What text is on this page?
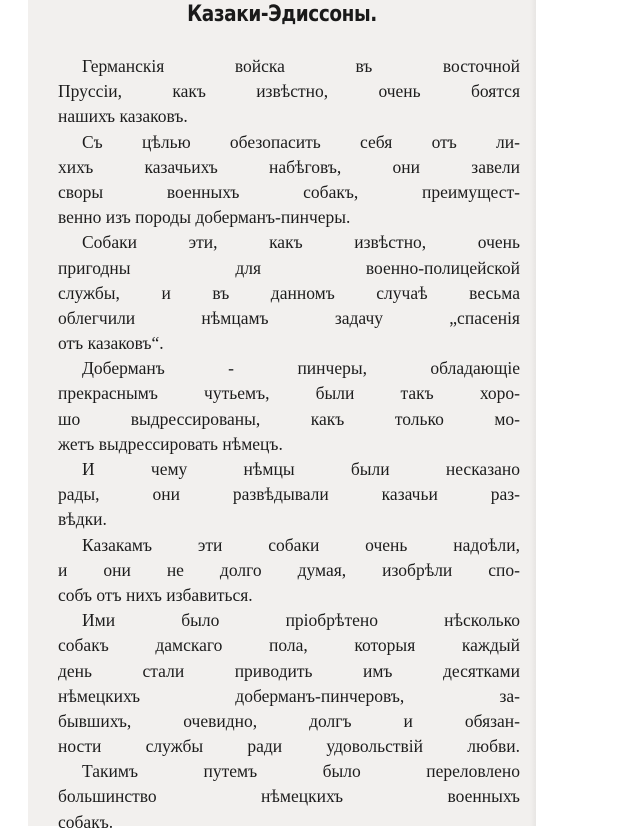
Казаки-Эдиссоны.
Германскія войска въ восточной
Пруссіи, какъ извѣстно, очень боятся
нашихъ казаковъ.
Съ цѣлью обезопасить себя отъ ли-
хихъ казачьихъ набѣговъ, они завели
своры военныхъ собакъ, преимущест-
венно изъ породы доберманъ-пинчеры.
Собаки эти, какъ извѣстно, очень
пригодны для военно-полицейской
службы, и въ данномъ случаѣ весьма
облегчили нѣмцамъ задачу „спасенія
отъ казаковъ“.
Доберманъ - пинчеры, обладающіе
прекраснымъ чутьемъ, были такъ хоро-
шо выдрессированы, какъ только мо-
жетъ выдрессировать нѣмецъ.
И чему нѣмцы были несказано
рады, они развѣдывали казачьи раз-
вѣдки.
Казакамъ эти собаки очень надоѣли,
и они не долго думая, изобрѣли спо-
собъ отъ нихъ избавиться.
Ими было пріобрѣтено нѣсколько
собакъ дамскаго пола, которыя каждый
день стали приводить имъ десятками
нѣмецкихъ доберманъ-пинчеровъ, за-
бывшихъ, очевидно, долгъ и обязан-
ности службы ради удовольствій любви.
Такимъ путемъ было переловлено
большинство нѣмецкихъ военныхъ
собакъ.
